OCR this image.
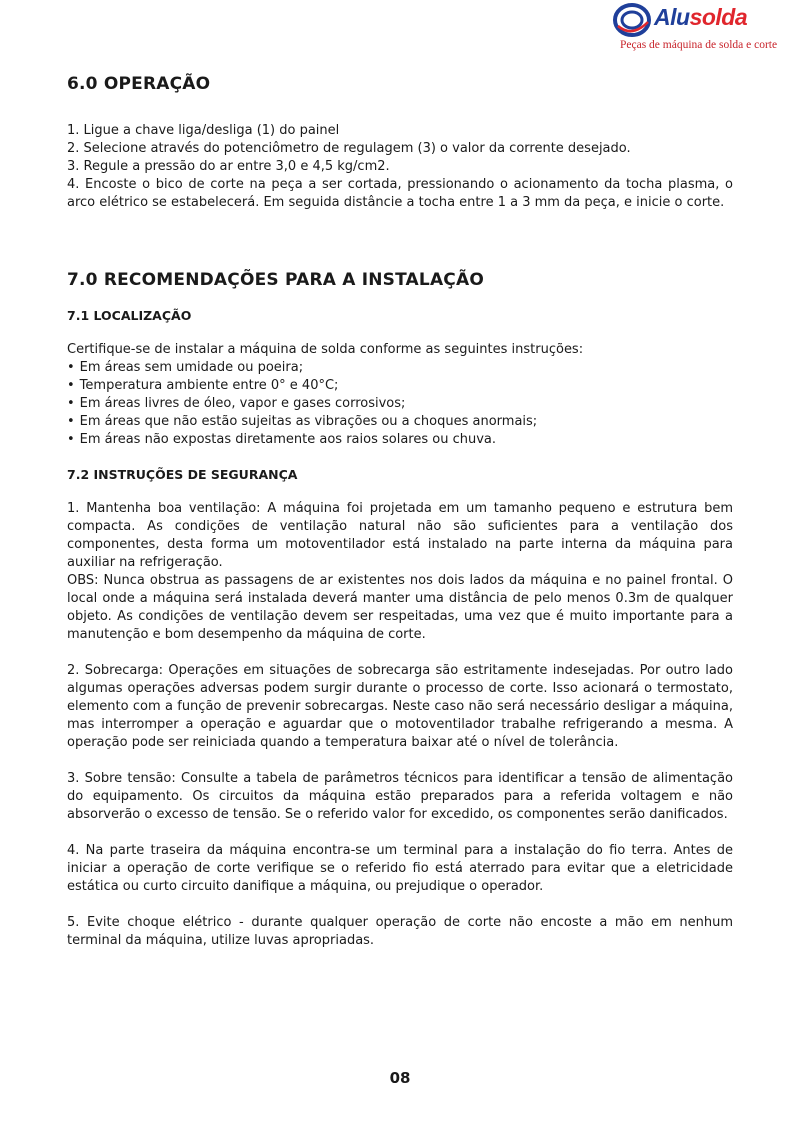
Alusolda
Peças de máquina de solda e corte
6.0 OPERAÇÃO

1. Ligue a chave liga/desliga (1) do painel

2. Selecione através do potenciômetro de regulagem (3) o valor da corrente desejado.

3. Regule a pressão do ar entre 3,0 e 4,5 kg/cm2.

4. Encoste o bico de corte na peça a ser cortada, pressionando o acionamento da tocha plasma, o arco elétrico se estabelecerá. Em seguida distâncie a tocha entre 1 a 3 mm da peça, e inicie o corte.

7.0 RECOMENDAÇÕES PARA A INSTALAÇÃO
7.1 LOCALIZAÇÃO

Certifique-se de instalar a máquina de solda conforme as seguintes instruções:

• Em áreas sem umidade ou poeira;
• Temperatura ambiente entre 0° e 40°C;
• Em áreas livres de óleo, vapor e gases corrosivos;
• Em áreas que não estão sujeitas as vibrações ou a choques anormais;
• Em áreas não expostas diretamente aos raios solares ou chuva.
7.2 INSTRUÇÕES DE SEGURANÇA

1. Mantenha boa ventilação: A máquina foi projetada em um tamanho pequeno e estrutura bem compacta. As condições de ventilação natural não são suficientes para a ventilação dos componentes, desta forma um motoventilador está instalado na parte interna da máquina para auxiliar na refrigeração.

OBS: Nunca obstrua as passagens de ar existentes nos dois lados da máquina e no painel frontal. O local onde a máquina será instalada deverá manter uma distância de pelo menos 0.3m de qualquer objeto. As condições de ventilação devem ser respeitadas, uma vez que é muito importante para a manutenção e bom desempenho da máquina de corte.

2. Sobrecarga: Operações em situações de sobrecarga são estritamente indesejadas. Por outro lado algumas operações adversas podem surgir durante o processo de corte. Isso acionará o termostato, elemento com a função de prevenir sobrecargas. Neste caso não será necessário desligar a máquina, mas interromper a operação e aguardar que o motoventilador trabalhe refrigerando a mesma. A operação pode ser reiniciada quando a temperatura baixar até o nível de tolerância.

3. Sobre tensão: Consulte a tabela de parâmetros técnicos para identificar a tensão de alimentação do equipamento. Os circuitos da máquina estão preparados para a referida voltagem e não absorverão o excesso de tensão. Se o referido valor for excedido, os componentes serão danificados.

4. Na parte traseira da máquina encontra-se um terminal para a instalação do fio terra. Antes de iniciar a operação de corte verifique se o referido fio está aterrado para evitar que a eletricidade estática ou curto circuito danifique a máquina, ou prejudique o operador.

5. Evite choque elétrico - durante qualquer operação de corte não encoste a mão em nenhum terminal da máquina, utilize luvas apropriadas.

08
